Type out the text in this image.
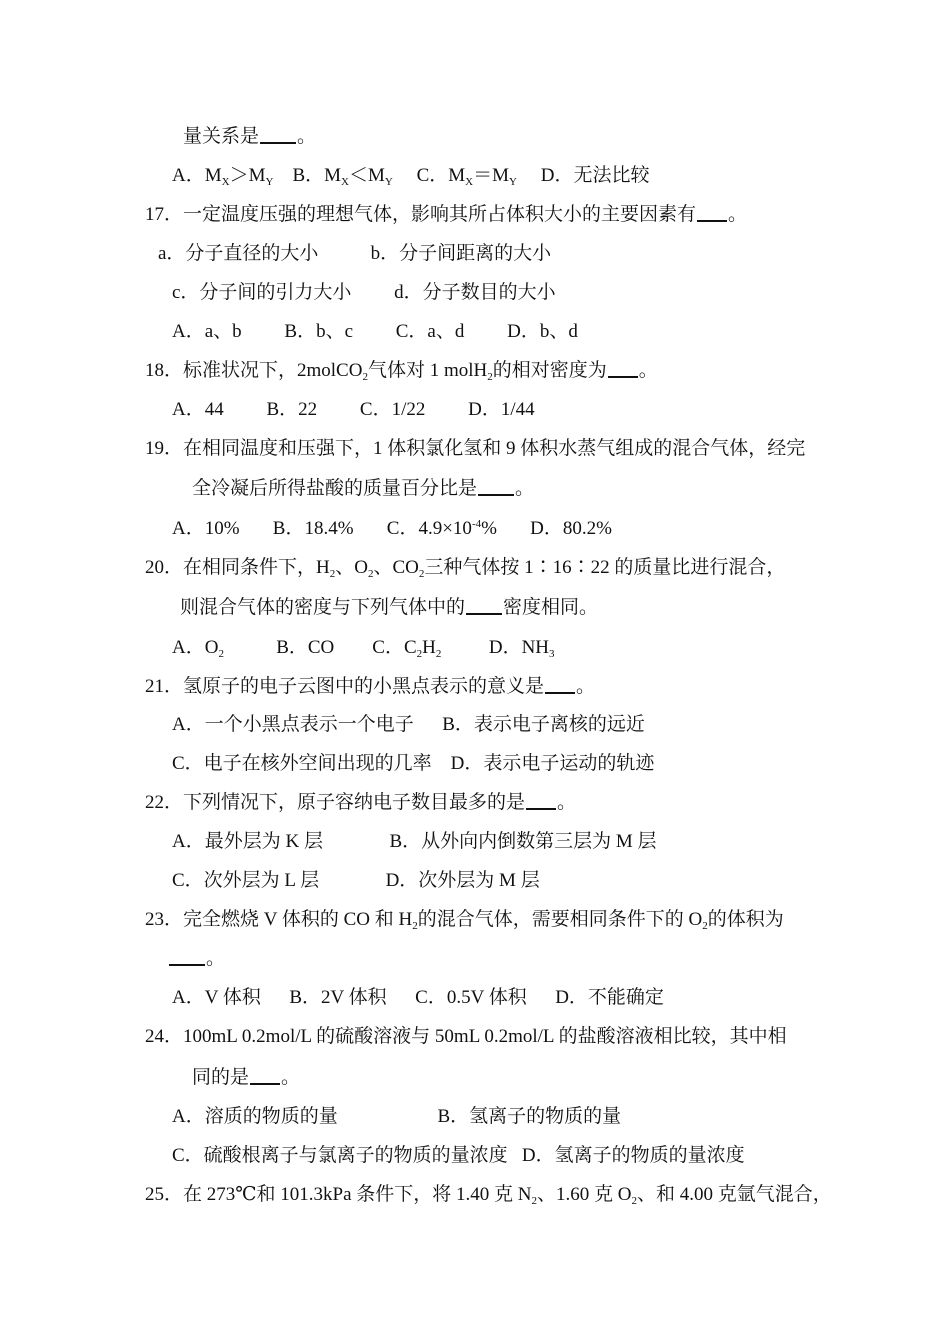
量关系是 。
A．$M_X>M_Y$    B．$M_X<M_Y$     C．$M_X=M_Y$     D．无法比较
17．一定温度压强的理想气体，影响其所占体积大小的主要因素有 。
a．分子直径的大小           b．分子间距离的大小
c．分子间的引力大小         d．分子数目的大小
A．a、b         B．b、c         C．a、d         D．b、d
18．标准状况下，2molCO$_2$气体对 1 molH$_2$的相对密度为 。
A．44         B．22         C．1/22         D．1/44
19．在相同温度和压强下，1 体积氯化氢和 9 体积水蒸气组成的混合气体，经完
全冷凝后所得盐酸的质量百分比是 。
A．10%       B．18.4%       C．$4.9\times 10^{-4}\%$       D．80.2%
20．在相同条件下，$H_2$、$O_2$、$CO_2$三种气体按 1∶16∶22 的质量比进行混合，
则混合气体的密度与下列气体中的 密度相同。
A．$O_2$           B．CO        C．$C_2H_2$          D．$NH_3$
21．氢原子的电子云图中的小黑点表示的意义是 。
A．一个小黑点表示一个电子      B．表示电子离核的远近
C．电子在核外空间出现的几率    D．表示电子运动的轨迹
22．下列情况下，原子容纳电子数目最多的是 。
A．最外层为 K 层              B．从外向内倒数第三层为 M 层
C．次外层为 L 层              D．次外层为 M 层
23．完全燃烧 V 体积的 CO 和 $H_2$的混合气体，需要相同条件下的 $O_2$的体积为
。
A．V 体积      B．2V 体积      C．0.5V 体积      D．不能确定
24．100mL 0.2mol/L 的硫酸溶液与 50mL 0.2mol/L 的盐酸溶液相比较，其中相
同的是 。
A．溶质的物质的量                     B．氢离子的物质的量
C．硫酸根离子与氯离子的物质的量浓度   D．氢离子的物质的量浓度
25．在 273℃和 101.3kPa 条件下，将 1.40 克 $N_2$、1.60 克 $O_2$、和 4.00 克氩气混合，
